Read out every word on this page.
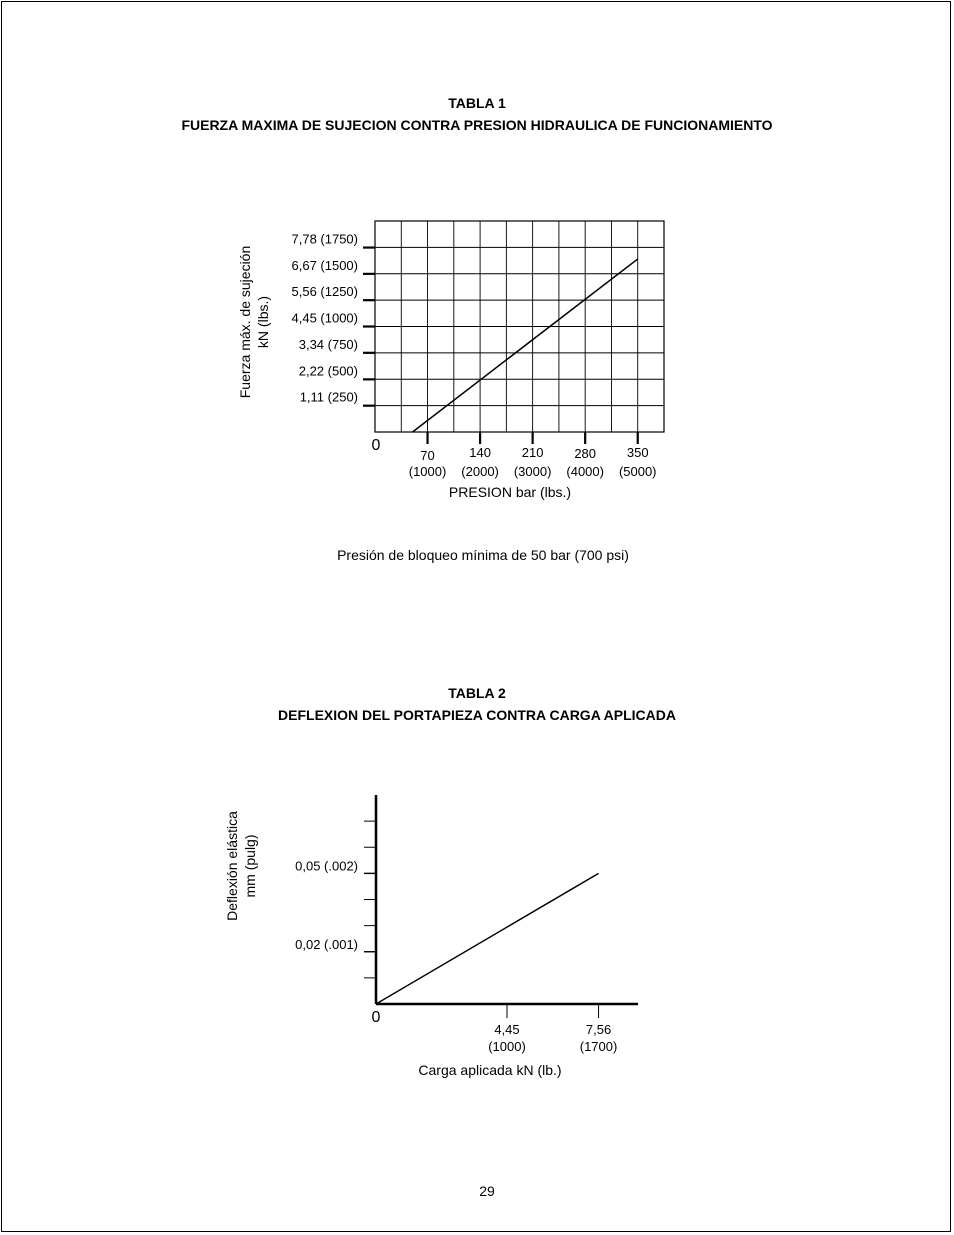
TABLA 1
FUERZA MAXIMA DE SUJECION CONTRA PRESION HIDRAULICA DE FUNCIONAMIENTO
1,11 (250)
2,22 (500)
3,34 (750)
4,45 (1000)
5,56 (1250)
6,67 (1500)
7,78 (1750)
70
(1000)
140
(2000)
210
(3000)
280
(4000)
350
(5000)
0
PRESION bar (lbs.)
Fuerza máx. de sujeción kN (lbs.)
0,02 (.001)
0,05 (.002)
4,45
(1000)
7,56
(1700)
0
Carga aplicada kN (lb.)
Deflexión elástica mm (pulg)
Presión de bloqueo mínima de 50 bar (700 psi)
TABLA 2
DEFLEXION DEL PORTAPIEZA CONTRA CARGA APLICADA
29
